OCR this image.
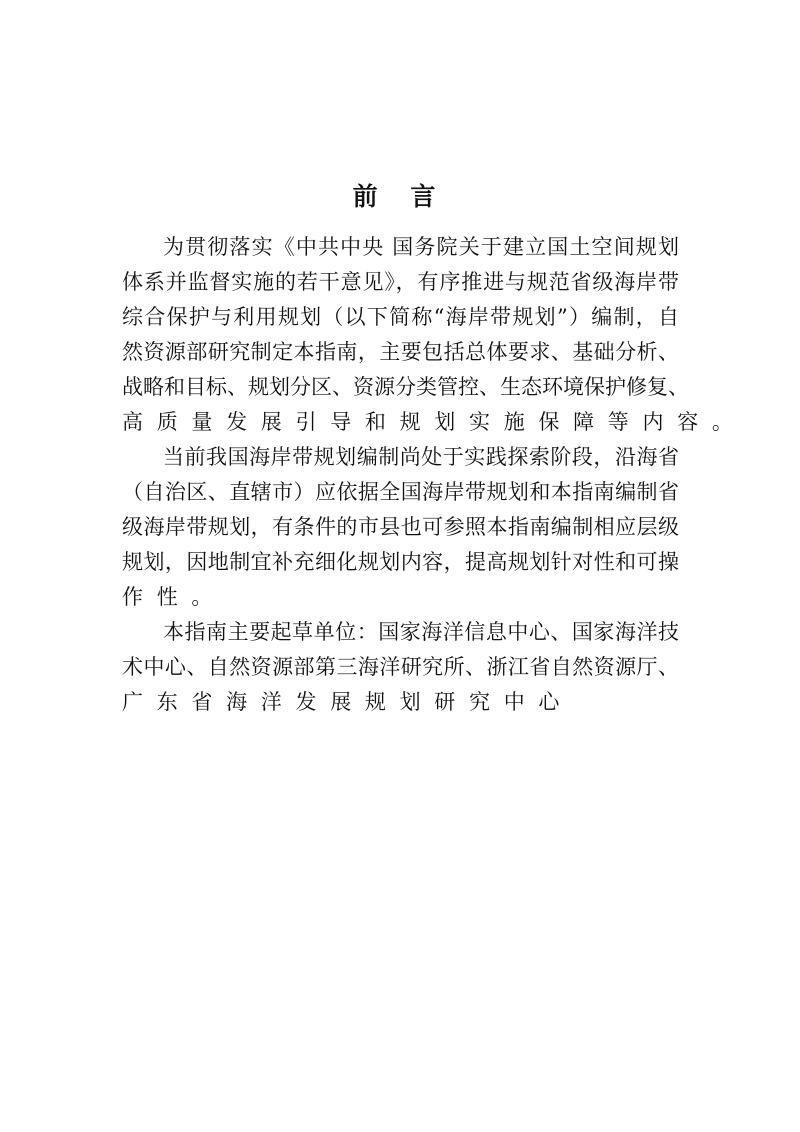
前 言
为贯彻落实《中共中央 国务院关于建立国土空间规划
体系并监督实施的若干意见》，有序推进与规范省级海岸带
综合保护与利用规划（以下简称“海岸带规划”）编制，自
然资源部研究制定本指南，主要包括总体要求、基础分析、
战略和目标、规划分区、资源分类管控、生态环境保护修复、
高质量发展引导和规划实施保障等内容。
当前我国海岸带规划编制尚处于实践探索阶段，沿海省
（自治区、直辖市）应依据全国海岸带规划和本指南编制省
级海岸带规划，有条件的市县也可参照本指南编制相应层级
规划，因地制宜补充细化规划内容，提高规划针对性和可操
作性。
本指南主要起草单位：国家海洋信息中心、国家海洋技
术中心、自然资源部第三海洋研究所、浙江省自然资源厅、
广东省海洋发展规划研究中心
